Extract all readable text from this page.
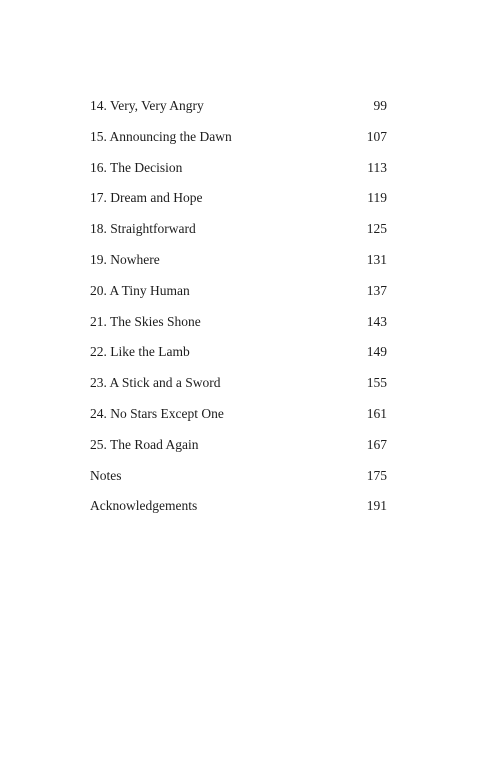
14. Very, Very Angry	99
15. Announcing the Dawn	107
16. The Decision	113
17. Dream and Hope	119
18. Straightforward	125
19. Nowhere	131
20. A Tiny Human	137
21. The Skies Shone	143
22. Like the Lamb	149
23. A Stick and a Sword	155
24. No Stars Except One	161
25. The Road Again	167
Notes	175
Acknowledgements	191
